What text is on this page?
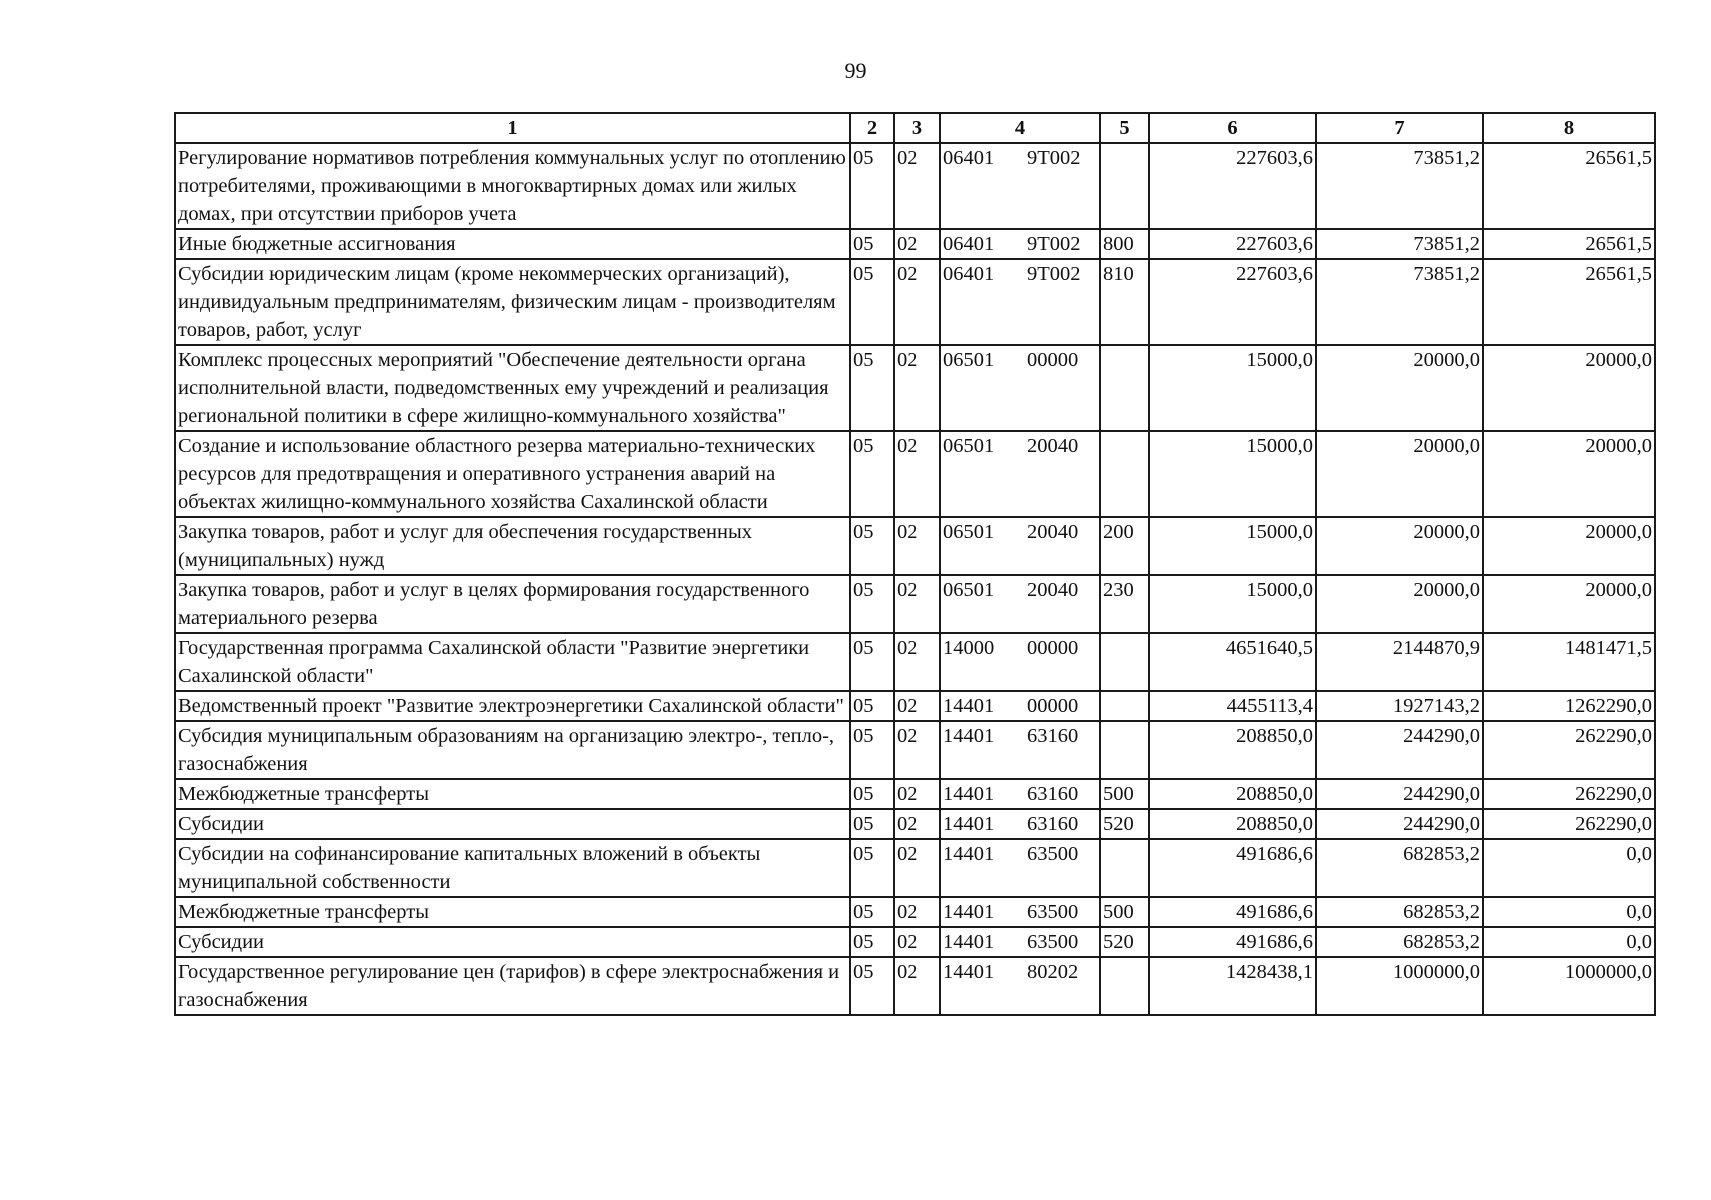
99
1	2	3	4	5	6	7	8
Регулирование нормативов потребления коммунальных услуг по отоплению потребителями, проживающими в многоквартирных домах или жилых домах, при отсутствии приборов учета	05	02	06401 9Т002		227603,6	73851,2	26561,5
Иные бюджетные ассигнования	05	02	06401 9Т002	800	227603,6	73851,2	26561,5
Субсидии юридическим лицам (кроме некоммерческих организаций), индивидуальным предпринимателям, физическим лицам - производителям товаров, работ, услуг	05	02	06401 9Т002	810	227603,6	73851,2	26561,5
Комплекс процессных мероприятий "Обеспечение деятельности органа исполнительной власти, подведомственных ему учреждений и реализация региональной политики в сфере жилищно-коммунального хозяйства"	05	02	06501 00000		15000,0	20000,0	20000,0
Создание и использование областного резерва материально-технических ресурсов для предотвращения и оперативного устранения аварий на объектах жилищно-коммунального хозяйства Сахалинской области	05	02	06501 20040		15000,0	20000,0	20000,0
Закупка товаров, работ и услуг для обеспечения государственных (муниципальных) нужд	05	02	06501 20040	200	15000,0	20000,0	20000,0
Закупка товаров, работ и услуг в целях формирования государственного материального резерва	05	02	06501 20040	230	15000,0	20000,0	20000,0
Государственная программа Сахалинской области "Развитие энергетики Сахалинской области"	05	02	14000 00000		4651640,5	2144870,9	1481471,5
Ведомственный проект "Развитие электроэнергетики Сахалинской области"	05	02	14401 00000		4455113,4	1927143,2	1262290,0
Субсидия муниципальным образованиям на организацию электро-, тепло-, газоснабжения	05	02	14401 63160		208850,0	244290,0	262290,0
Межбюджетные трансферты	05	02	14401 63160	500	208850,0	244290,0	262290,0
Субсидии	05	02	14401 63160	520	208850,0	244290,0	262290,0
Субсидии на софинансирование капитальных вложений в объекты муниципальной собственности	05	02	14401 63500		491686,6	682853,2	0,0
Межбюджетные трансферты	05	02	14401 63500	500	491686,6	682853,2	0,0
Субсидии	05	02	14401 63500	520	491686,6	682853,2	0,0
Государственное регулирование цен (тарифов) в сфере электроснабжения и газоснабжения	05	02	14401 80202		1428438,1	1000000,0	1000000,0
